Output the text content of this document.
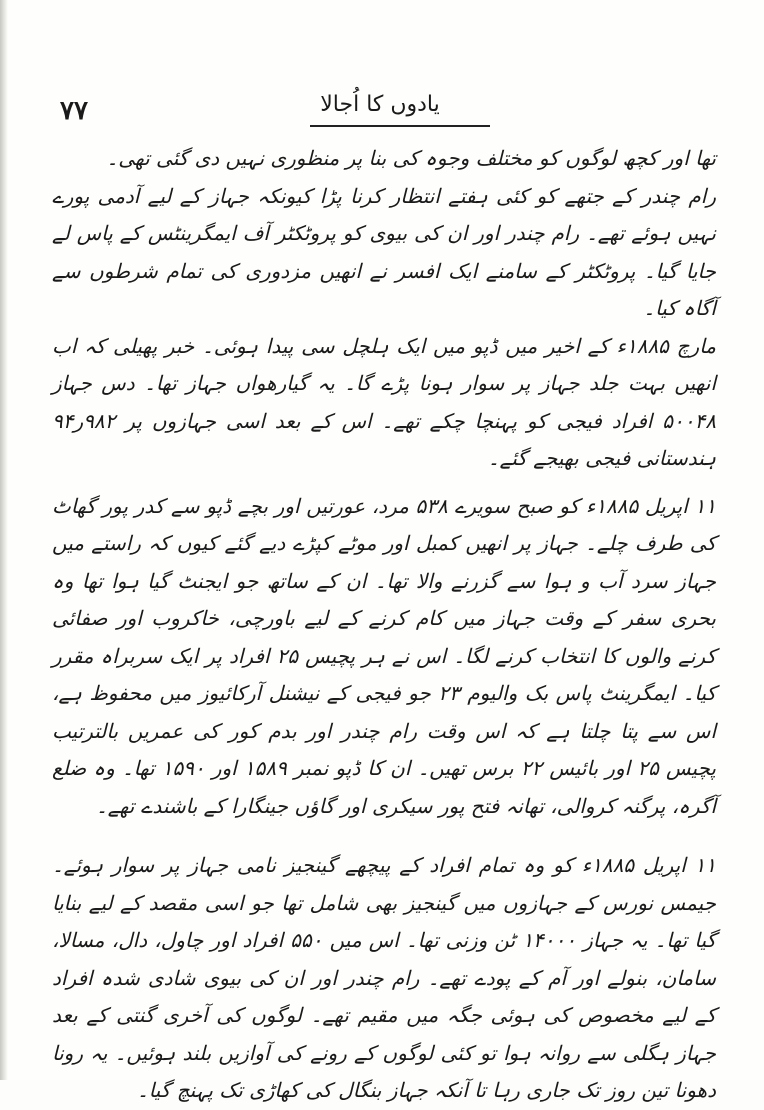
۷۷	یادوں کا اُجالا

تھا اور کچھ لوگوں کو مختلف وجوہ کی بنا پر منظوری نہیں دی گئی تھی۔

رام چندر کے جتھے کو کئی ہفتے انتظار کرنا پڑا کیونکہ جہاز کے لیے آدمی پورے نہیں ہوئے تھے۔ رام چندر اور ان کی بیوی کو پروٹکٹر آف ایمگرینٹس کے پاس لے جایا گیا۔ پروٹکٹر کے سامنے ایک افسر نے انھیں مزدوری کی تمام شرطوں سے آگاہ کیا۔

مارچ ۱۸۸۵ء کے اخیر میں ڈپو میں ایک ہلچل سی پیدا ہوئی۔ خبر پھیلی کہ اب انھیں بہت جلد جہاز پر سوار ہونا پڑے گا۔ یہ گیارھواں جہاز تھا۔ دس جہاز ۵۰۰۴۸ افراد فیجی کو پہنچا چکے تھے۔ اس کے بعد اسی جہازوں پر ۹۸۲ر۹۴ ہندستانی فیجی بھیجے گئے۔

۱۱ اپریل ۱۸۸۵ء کو صبح سویرے ۵۳۸ مرد، عورتیں اور بچے ڈپو سے کدر پور گھاٹ کی طرف چلے۔ جہاز پر انھیں کمبل اور موٹے کپڑے دیے گئے کیوں کہ راستے میں جہاز سرد آب و ہوا سے گزرنے والا تھا۔ ان کے ساتھ جو ایجنٹ گیا ہوا تھا وہ بحری سفر کے وقت جہاز میں کام کرنے کے لیے باورچی، خاکروب اور صفائی کرنے والوں کا انتخاب کرنے لگا۔ اس نے ہر پچیس ۲۵ افراد پر ایک سربراہ مقرر کیا۔ ایمگرینٹ پاس بک والیوم ۲۳ جو فیجی کے نیشنل آرکائیوز میں محفوظ ہے، اس سے پتا چلتا ہے کہ اس وقت رام چندر اور بدم کور کی عمریں بالترتیب پچیس ۲۵ اور بائیس ۲۲ برس تھیں۔ ان کا ڈپو نمبر ۱۵۸۹ اور ۱۵۹۰ تھا۔ وہ ضلع آگرہ، پرگنہ کروالی، تھانہ فتح پور سیکری اور گاؤں جینگارا کے باشندے تھے۔

۱۱ اپریل ۱۸۸۵ء کو وہ تمام افراد کے پیچھے گینجیز نامی جہاز پر سوار ہوئے۔ جیمس نورس کے جہازوں میں گینجیز بھی شامل تھا جو اسی مقصد کے لیے بنایا گیا تھا۔ یہ جہاز ۱۴۰۰۰ ٹن وزنی تھا۔ اس میں ۵۵۰ افراد اور چاول، دال، مسالا، سامان، بنولے اور آم کے پودے تھے۔ رام چندر اور ان کی بیوی شادی شدہ افراد کے لیے مخصوص کی ہوئی جگہ میں مقیم تھے۔ لوگوں کی آخری گنتی کے بعد جہاز ہگلی سے روانہ ہوا تو کئی لوگوں کے رونے کی آوازیں بلند ہوئیں۔ یہ رونا دھونا تین روز تک جاری رہا تا آنکہ جہاز بنگال کی کھاڑی تک پہنچ گیا۔
